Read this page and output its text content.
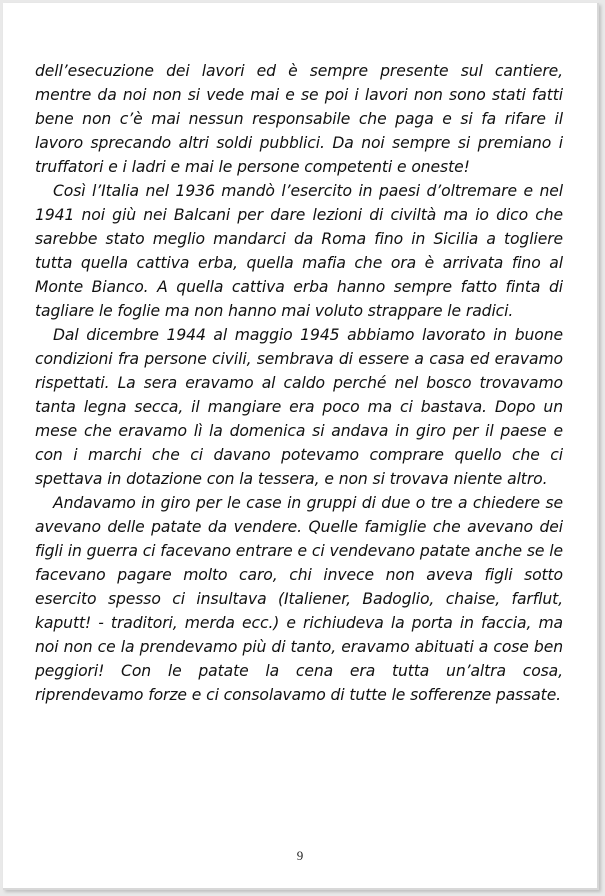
dell’esecuzione dei lavori ed è sempre presente sul cantiere, mentre da noi non si vede mai e se poi i lavori non sono stati fatti bene non c’è mai nessun responsabile che paga e si fa rifare il lavoro sprecando altri soldi pubblici. Da noi sempre si premiano i truffatori e i ladri e mai le persone competenti e oneste!

Così l’Italia nel 1936 mandò l’esercito in paesi d’oltremare e nel 1941 noi giù nei Balcani per dare lezioni di civiltà ma io dico che sarebbe stato meglio mandarci da Roma fino in Sicilia a togliere tutta quella cattiva erba, quella mafia che ora è arrivata fino al Monte Bianco. A quella cattiva erba hanno sempre fatto finta di tagliare le foglie ma non hanno mai voluto strappare le radici.

Dal dicembre 1944 al maggio 1945 abbiamo lavorato in buone condizioni fra persone civili, sembrava di essere a casa ed eravamo rispettati. La sera eravamo al caldo perché nel bosco trovavamo tanta legna secca, il mangiare era poco ma ci bastava. Dopo un mese che eravamo lì la domenica si andava in giro per il paese e con i marchi che ci davano potevamo comprare quello che ci spettava in dotazione con la tessera, e non si trovava niente altro.

Andavamo in giro per le case in gruppi di due o tre a chiedere se avevano delle patate da vendere. Quelle famiglie che avevano dei figli in guerra ci facevano entrare e ci vendevano patate anche se le facevano pagare molto caro, chi invece non aveva figli sotto esercito spesso ci insultava (Italiener, Badoglio, chaise, farflut, kaputt! - traditori, merda ecc.) e richiudeva la porta in faccia, ma noi non ce la prendevamo più di tanto, eravamo abituati a cose ben peggiori! Con le patate la cena era tutta un’altra cosa, riprendevamo forze e ci consolavamo di tutte le sofferenze passate.

9
